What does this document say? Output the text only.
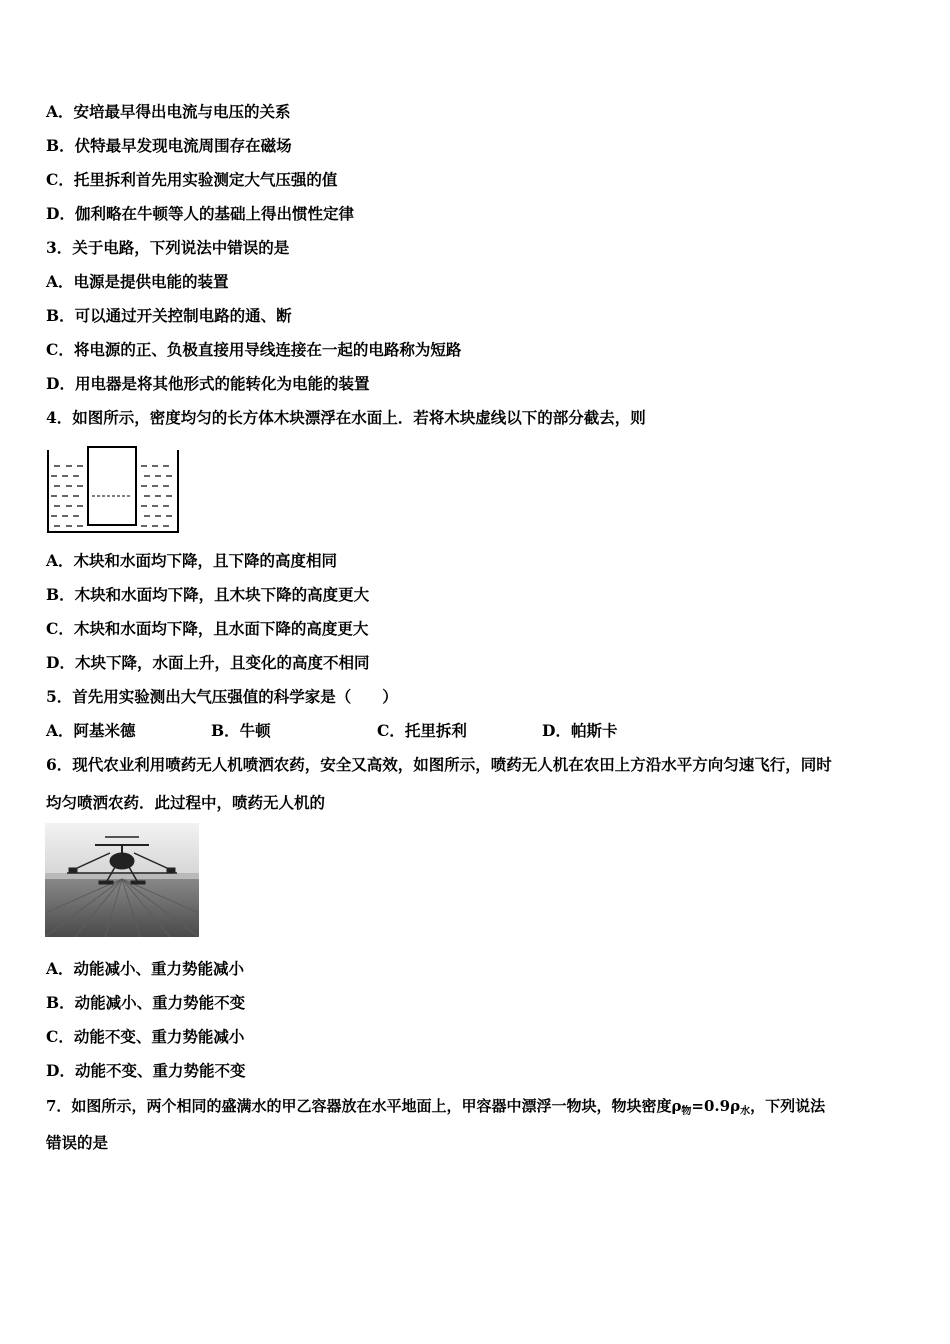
A．安培最早得出电流与电压的关系
B．伏特最早发现电流周围存在磁场
C．托里拆利首先用实验测定大气压强的值
D．伽利略在牛顿等人的基础上得出惯性定律
3．关于电路，下列说法中错误的是
A．电源是提供电能的装置
B．可以通过开关控制电路的通、断
C．将电源的正、负极直接用导线连接在一起的电路称为短路
D．用电器是将其他形式的能转化为电能的装置
4．如图所示，密度均匀的长方体木块漂浮在水面上．若将木块虚线以下的部分截去，则
A．木块和水面均下降，且下降的高度相同
B．木块和水面均下降，且木块下降的高度更大
C．木块和水面均下降，且水面下降的高度更大
D．木块下降，水面上升，且变化的高度不相同
5．首先用实验测出大气压强值的科学家是（　　）
A．阿基米德	B．牛顿	C．托里拆利	D．帕斯卡
6．现代农业利用喷药无人机喷洒农药，安全又高效，如图所示，喷药无人机在农田上方沿水平方向匀速飞行，同时
均匀喷洒农药．此过程中，喷药无人机的
A．动能减小、重力势能减小
B．动能减小、重力势能不变
C．动能不变、重力势能减小
D．动能不变、重力势能不变
7．如图所示，两个相同的盛满水的甲乙容器放在水平地面上，甲容器中漂浮一物块，物块密度$\rho_物=0.9\rho_水$，下列说法
错误的是
